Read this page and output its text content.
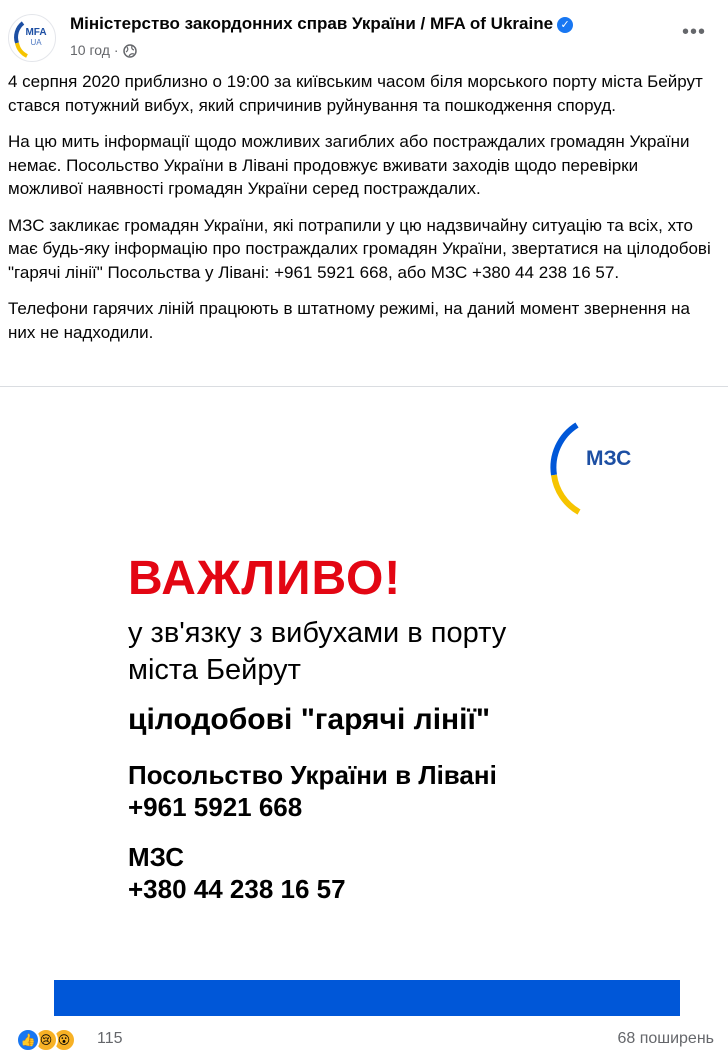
MFA
UA
Міністерство закордонних справ України / MFA of Ukraine ✓
10 год ·
•••

4 серпня 2020 приблизно о 19:00 за київським часом біля морського порту міста Бейрут стався потужний вибух, який спричинив руйнування та пошкодження споруд.

На цю мить інформації щодо можливих загиблих або постраждалих громадян України немає. Посольство України в Лівані продовжує вживати заходів щодо перевірки можливої наявності громадян України серед постраждалих.

МЗС закликає громадян України, які потрапили у цю надзвичайну ситуацію та всіх, хто має будь-яку інформацію про постраждалих громадян України, звертатися на цілодобові "гарячі лінії" Посольства у Лівані: +961 5921 668, або МЗС +380 44 238 16 57.

Телефони гарячих ліній працюють в штатному режимі, на даний момент звернення на них не надходили.

МЗС
ВАЖЛИВО!
у зв'язку з вибухами в порту
міста Бейрут
цілодобові "гарячі лінії"
Посольство України в Лівані
+961 5921 668
МЗС
+380 44 238 16 57
👍 😢 😮	115	68 поширень
